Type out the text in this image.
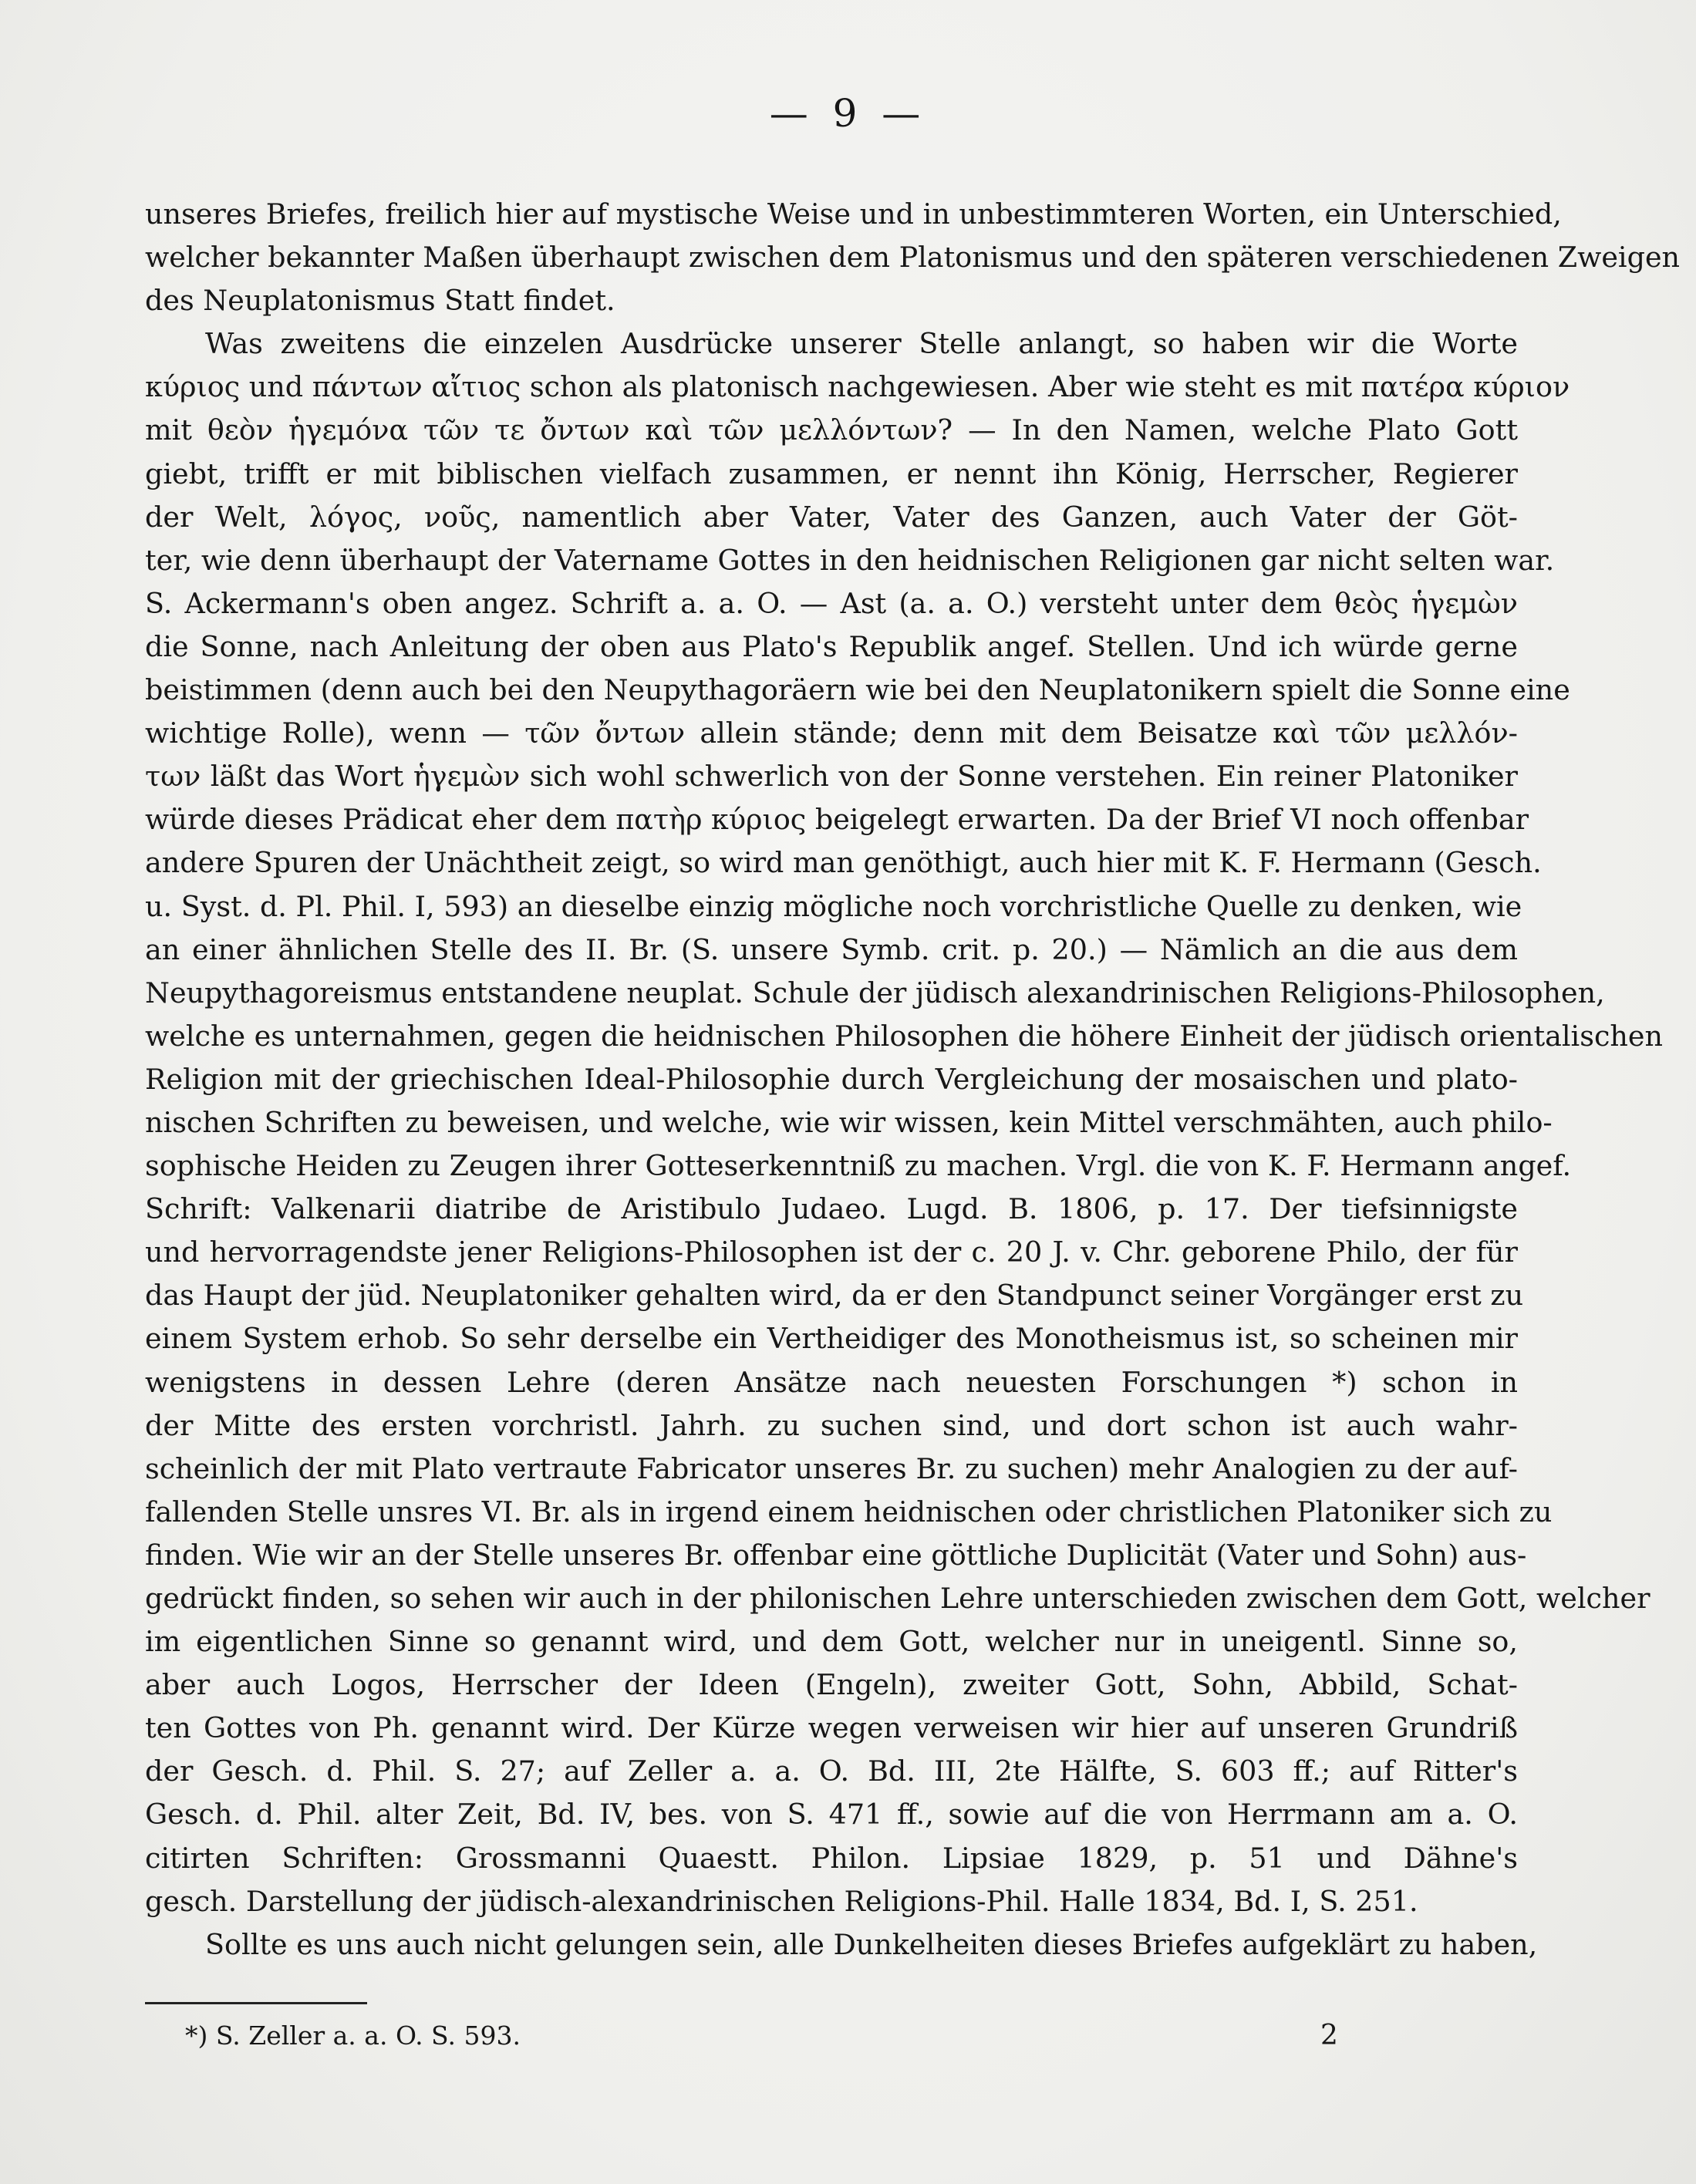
— 9 —
unseres Briefes, freilich hier auf mystische Weise und in unbestimmteren Worten, ein Unterschied,
welcher bekannter Maßen überhaupt zwischen dem Platonismus und den späteren verschiedenen Zweigen
des Neuplatonismus Statt findet.
Was zweitens die einzelen Ausdrücke unserer Stelle anlangt, so haben wir die Worte
κύριος und πάντων αἴτιος schon als platonisch nachgewiesen. Aber wie steht es mit πατέρα κύριον
mit θεὸν ἡγεμόνα τῶν τε ὄντων καὶ τῶν μελλόντων? — In den Namen, welche Plato Gott
giebt, trifft er mit biblischen vielfach zusammen, er nennt ihn König, Herrscher, Regierer
der Welt, λόγος, νοῦς, namentlich aber Vater, Vater des Ganzen, auch Vater der Göt-
ter, wie denn überhaupt der Vatername Gottes in den heidnischen Religionen gar nicht selten war.
S. Ackermann's oben angez. Schrift a. a. O. — Ast (a. a. O.) versteht unter dem θεὸς ἡγεμὼν
die Sonne, nach Anleitung der oben aus Plato's Republik angef. Stellen. Und ich würde gerne
beistimmen (denn auch bei den Neupythagoräern wie bei den Neuplatonikern spielt die Sonne eine
wichtige Rolle), wenn — τῶν ὄντων allein stände; denn mit dem Beisatze καὶ τῶν μελλόν-
των läßt das Wort ἡγεμὼν sich wohl schwerlich von der Sonne verstehen. Ein reiner Platoniker
würde dieses Prädicat eher dem πατὴρ κύριος beigelegt erwarten. Da der Brief VI noch offenbar
andere Spuren der Unächtheit zeigt, so wird man genöthigt, auch hier mit K. F. Hermann (Gesch.
u. Syst. d. Pl. Phil. I, 593) an dieselbe einzig mögliche noch vorchristliche Quelle zu denken, wie
an einer ähnlichen Stelle des II. Br. (S. unsere Symb. crit. p. 20.) — Nämlich an die aus dem
Neupythagoreismus entstandene neuplat. Schule der jüdisch alexandrinischen Religions-Philosophen,
welche es unternahmen, gegen die heidnischen Philosophen die höhere Einheit der jüdisch orientalischen
Religion mit der griechischen Ideal-Philosophie durch Vergleichung der mosaischen und plato-
nischen Schriften zu beweisen, und welche, wie wir wissen, kein Mittel verschmähten, auch philo-
sophische Heiden zu Zeugen ihrer Gotteserkenntniß zu machen. Vrgl. die von K. F. Hermann angef.
Schrift: Valkenarii diatribe de Aristibulo Judaeo. Lugd. B. 1806, p. 17. Der tiefsinnigste
und hervorragendste jener Religions-Philosophen ist der c. 20 J. v. Chr. geborene Philo, der für
das Haupt der jüd. Neuplatoniker gehalten wird, da er den Standpunct seiner Vorgänger erst zu
einem System erhob. So sehr derselbe ein Vertheidiger des Monotheismus ist, so scheinen mir
wenigstens in dessen Lehre (deren Ansätze nach neuesten Forschungen *) schon in
der Mitte des ersten vorchristl. Jahrh. zu suchen sind, und dort schon ist auch wahr-
scheinlich der mit Plato vertraute Fabricator unseres Br. zu suchen) mehr Analogien zu der auf-
fallenden Stelle unsres VI. Br. als in irgend einem heidnischen oder christlichen Platoniker sich zu
finden. Wie wir an der Stelle unseres Br. offenbar eine göttliche Duplicität (Vater und Sohn) aus-
gedrückt finden, so sehen wir auch in der philonischen Lehre unterschieden zwischen dem Gott, welcher
im eigentlichen Sinne so genannt wird, und dem Gott, welcher nur in uneigentl. Sinne so,
aber auch Logos, Herrscher der Ideen (Engeln), zweiter Gott, Sohn, Abbild, Schat-
ten Gottes von Ph. genannt wird. Der Kürze wegen verweisen wir hier auf unseren Grundriß
der Gesch. d. Phil. S. 27; auf Zeller a. a. O. Bd. III, 2te Hälfte, S. 603 ff.; auf Ritter's
Gesch. d. Phil. alter Zeit, Bd. IV, bes. von S. 471 ff., sowie auf die von Herrmann am a. O.
citirten Schriften: Grossmanni Quaestt. Philon. Lipsiae 1829, p. 51 und Dähne's
gesch. Darstellung der jüdisch-alexandrinischen Religions-Phil. Halle 1834, Bd. I, S. 251.
Sollte es uns auch nicht gelungen sein, alle Dunkelheiten dieses Briefes aufgeklärt zu haben,
*) S. Zeller a. a. O. S. 593.	2
